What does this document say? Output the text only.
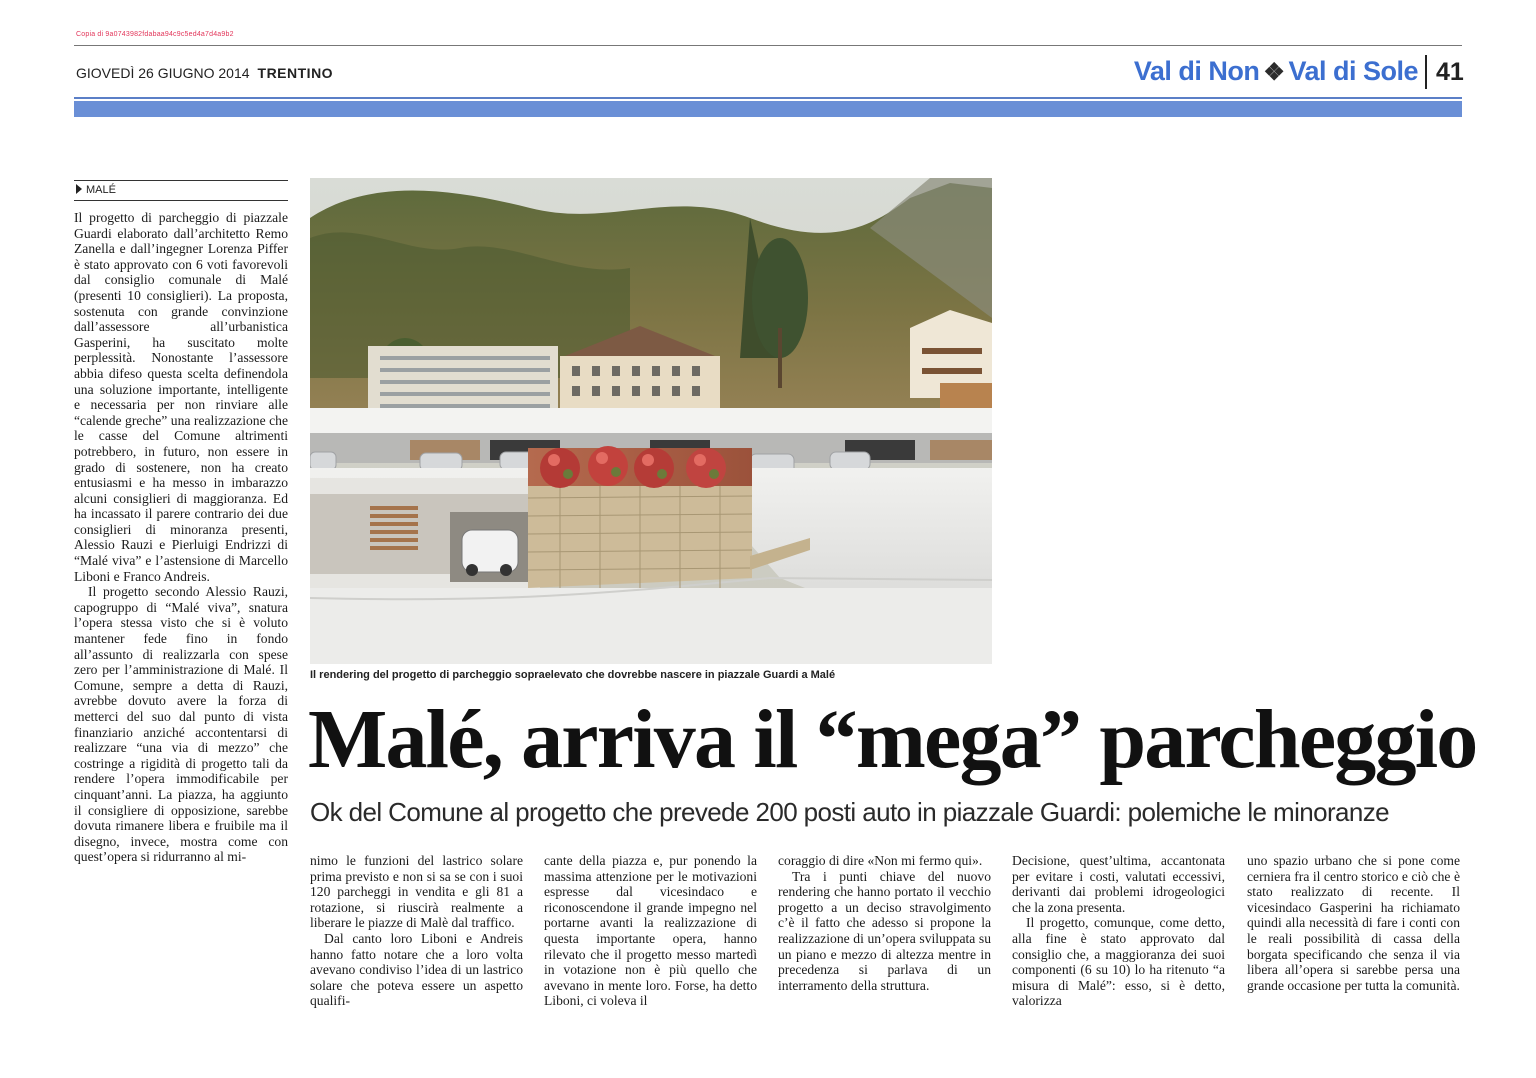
Copia di 9a0743982fdabaa94c9c5ed4a7d4a9b2
GIOVEDÌ 26 GIUGNO 2014 TRENTINO	Val di Non ❖ Val di Sole 41
MALÉ

Il progetto di parcheggio di piazzale Guardi elaborato dall’architetto Remo Zanella e dall’ingegner Lorenza Piffer è stato approvato con 6 voti favorevoli dal consiglio comunale di Malé (presenti 10 consiglieri). La proposta, sostenuta con grande convinzione dall’assessore all’urbanistica Gasperini, ha suscitato molte perplessità. Nonostante l’assessore abbia difeso questa scelta definendola una soluzione importante, intelligente e necessaria per non rinviare alle “calende greche” una realizzazione che le casse del Comune altrimenti potrebbero, in futuro, non essere in grado di sostenere, non ha creato entusiasmi e ha messo in imbarazzo alcuni consiglieri di maggioranza. Ed ha incassato il parere contrario dei due consiglieri di minoranza presenti, Alessio Rauzi e Pierluigi Endrizzi di “Malé viva” e l’astensione di Marcello Liboni e Franco Andreis.

Il progetto secondo Alessio Rauzi, capogruppo di “Malé viva”, snatura l’opera stessa visto che si è voluto mantener fede fino in fondo all’assunto di realizzarla con spese zero per l’amministrazione di Malé. Il Comune, sempre a detta di Rauzi, avrebbe dovuto avere la forza di metterci del suo dal punto di vista finanziario anziché accontentarsi di realizzare “una via di mezzo” che costringe a rigidità di progetto tali da rendere l’opera immodificabile per cinquant’anni. La piazza, ha aggiunto il consigliere di opposizione, sarebbe dovuta rimanere libera e fruibile ma il disegno, invece, mostra come con quest’opera si ridurranno al mi-

Il rendering del progetto di parcheggio sopraelevato che dovrebbe nascere in piazzale Guardi a Malé
Malé, arriva il “mega” parcheggio
Ok del Comune al progetto che prevede 200 posti auto in piazzale Guardi: polemiche le minoranze

nimo le funzioni del lastrico solare prima previsto e non si sa se con i suoi 120 parcheggi in vendita e gli 81 a rotazione, si riuscirà realmente a liberare le piazze di Malè dal traffico.

Dal canto loro Liboni e Andreis hanno fatto notare che a loro volta avevano condiviso l’idea di un lastrico solare che poteva essere un aspetto qualifi-

cante della piazza e, pur ponendo la massima attenzione per le motivazioni espresse dal vicesindaco e riconoscendone il grande impegno nel portarne avanti la realizzazione di questa importante opera, hanno rilevato che il progetto messo martedì in votazione non è più quello che avevano in mente loro. Forse, ha detto Liboni, ci voleva il

coraggio di dire «Non mi fermo qui».

Tra i punti chiave del nuovo rendering che hanno portato il vecchio progetto a un deciso stravolgimento c’è il fatto che adesso si propone la realizzazione di un’opera sviluppata su un piano e mezzo di altezza mentre in precedenza si parlava di un interramento della struttura.

Decisione, quest’ultima, accantonata per evitare i costi, valutati eccessivi, derivanti dai problemi idrogeologici che la zona presenta.

Il progetto, comunque, come detto, alla fine è stato approvato dal consiglio che, a maggioranza dei suoi componenti (6 su 10) lo ha ritenuto “a misura di Malé”: esso, si è detto, valorizza

uno spazio urbano che si pone come cerniera fra il centro storico e ciò che è stato realizzato di recente. Il vicesindaco Gasperini ha richiamato quindi alla necessità di fare i conti con le reali possibilità di cassa della borgata specificando che senza il via libera all’opera si sarebbe persa una grande occasione per tutta la comunità.
